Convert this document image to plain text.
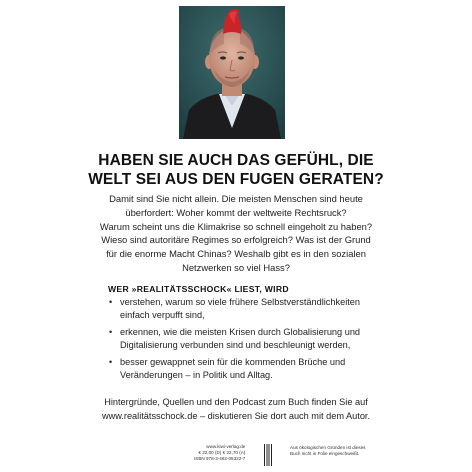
HABEN SIE AUCH DAS GEFÜHL, DIE
WELT SEI AUS DEN FUGEN GERATEN?
Damit sind Sie nicht allein. Die meisten Menschen sind heute
überfordert: Woher kommt der weltweite Rechtsruck?
Warum scheint uns die Klimakrise so schnell eingeholt zu haben?
Wieso sind autoritäre Regimes so erfolgreich? Was ist der Grund
für die enorme Macht Chinas? Weshalb gibt es in den sozialen
Netzwerken so viel Hass?
WER »REALITÄTSSCHOCK« LIEST, WIRD
• verstehen, warum so viele frühere Selbstverständlichkeiten
einfach verpufft sind,
• erkennen, wie die meisten Krisen durch Globalisierung und
Digitalisierung verbunden sind und beschleunigt werden,
• besser gewappnet sein für die kommenden Brüche und
Veränderungen – in Politik und Alltag.
Hintergründe, Quellen und den Podcast zum Buch finden Sie auf
www.realitätsschock.de – diskutieren Sie dort auch mit dem Autor.
www.kiwi-verlag.de
€ 22,00 (D) € 22,70 (A)
ISBN 978-3-462-05322-7
Aus ökologischen Gründen ist dieses
Buch nicht in Folie eingeschweißt.
